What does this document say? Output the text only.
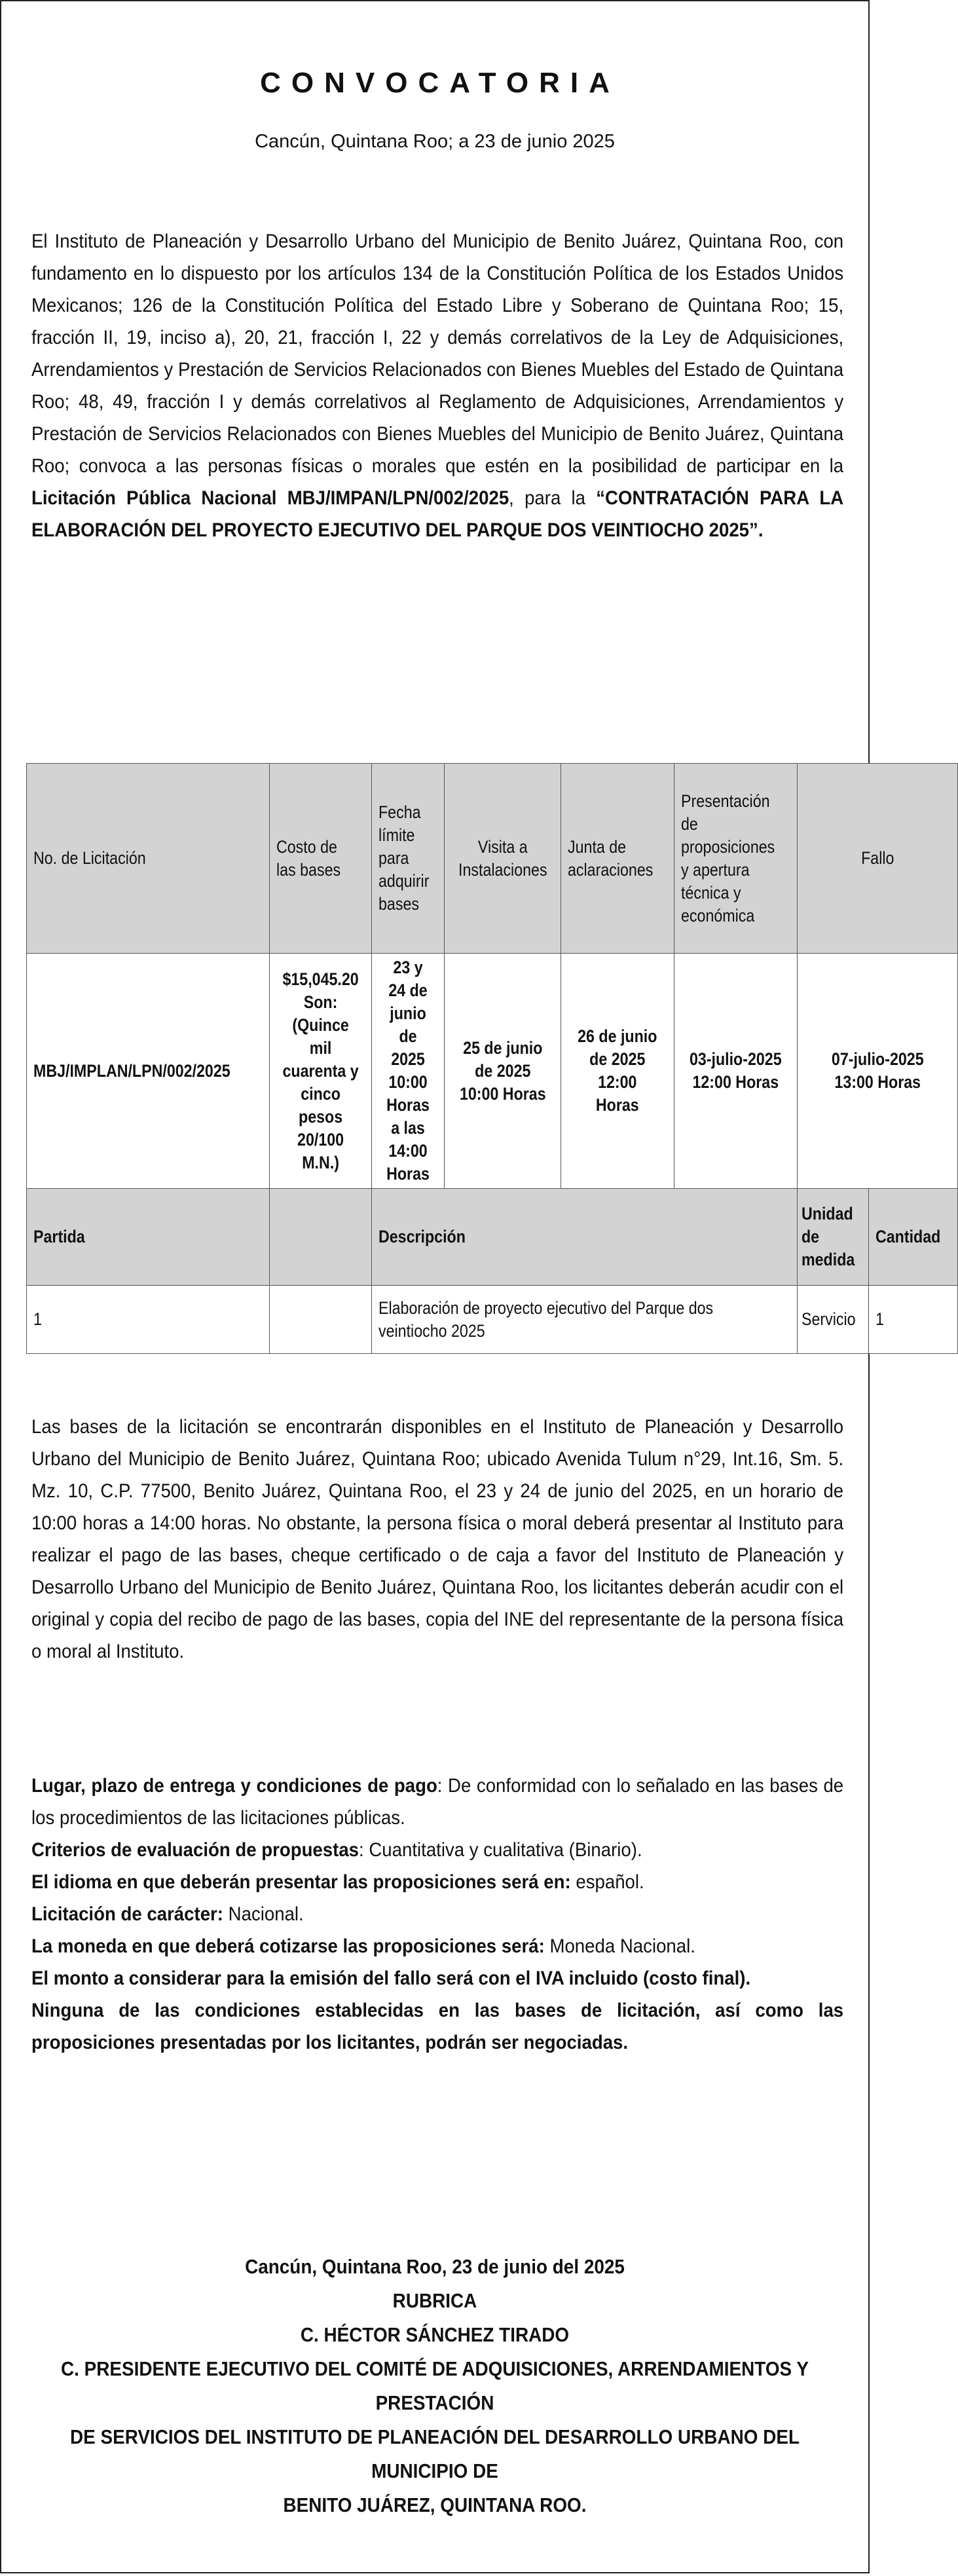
CONVOCATORIA
Cancún, Quintana Roo; a 23 de junio 2025
El Instituto de Planeación y Desarrollo Urbano del Municipio de Benito Juárez, Quintana Roo, con fundamento en lo dispuesto por los artículos 134 de la Constitución Política de los Estados Unidos Mexicanos; 126 de la Constitución Política del Estado Libre y Soberano de Quintana Roo; 15, fracción II, 19, inciso a), 20, 21, fracción I, 22 y demás correlativos de la Ley de Adquisiciones, Arrendamientos y Prestación de Servicios Relacionados con Bienes Muebles del Estado de Quintana Roo; 48, 49, fracción I y demás correlativos al Reglamento de Adquisiciones, Arrendamientos y Prestación de Servicios Relacionados con Bienes Muebles del Municipio de Benito Juárez, Quintana Roo; convoca a las personas físicas o morales que estén en la posibilidad de participar en la Licitación Pública Nacional MBJ/IMPAN/LPN/002/2025, para la “CONTRATACIÓN PARA LA ELABORACIÓN DEL PROYECTO EJECUTIVO DEL PARQUE DOS VEINTIOCHO 2025”.
No. de Licitación	Costo de las bases	Fecha límite para adquirir bases	Visita a Instalaciones	Junta de aclaraciones	Presentación de proposiciones y apertura técnica y económica	Fallo	
MBJ/IMPLAN/LPN/002/2025	$15,045.20 Son: (Quince mil cuarenta y cinco pesos 20/100 M.N.)	23 y 24 de junio de 2025 10:00 Horas a las 14:00 Horas	25 de junio de 2025 10:00 Horas	26 de junio de 2025 12:00 Horas	03-julio-2025 12:00 Horas	07-julio-2025 13:00 Horas	
Partida		Descripción				Unidad de medida	Cantidad
1		Elaboración de proyecto ejecutivo del Parque dos veintiocho 2025				Servicio	1
Las bases de la licitación se encontrarán disponibles en el Instituto de Planeación y Desarrollo Urbano del Municipio de Benito Juárez, Quintana Roo; ubicado Avenida Tulum n°29, Int.16, Sm. 5. Mz. 10, C.P. 77500, Benito Juárez, Quintana Roo, el 23 y 24 de junio del 2025, en un horario de 10:00 horas a 14:00 horas. No obstante, la persona física o moral deberá presentar al Instituto para realizar el pago de las bases, cheque certificado o de caja a favor del Instituto de Planeación y Desarrollo Urbano del Municipio de Benito Juárez, Quintana Roo, los licitantes deberán acudir con el original y copia del recibo de pago de las bases, copia del INE del representante de la persona física o moral al Instituto.
Lugar, plazo de entrega y condiciones de pago: De conformidad con lo señalado en las bases de los procedimientos de las licitaciones públicas.
Criterios de evaluación de propuestas: Cuantitativa y cualitativa (Binario).
El idioma en que deberán presentar las proposiciones será en: español.
Licitación de carácter: Nacional.
La moneda en que deberá cotizarse las proposiciones será: Moneda Nacional.
El monto a considerar para la emisión del fallo será con el IVA incluido (costo final).
Ninguna de las condiciones establecidas en las bases de licitación, así como las proposiciones presentadas por los licitantes, podrán ser negociadas.
Cancún, Quintana Roo, 23 de junio del 2025
RUBRICA
C. HÉCTOR SÁNCHEZ TIRADO
C. PRESIDENTE EJECUTIVO DEL COMITÉ DE ADQUISICIONES, ARRENDAMIENTOS Y PRESTACIÓN
DE SERVICIOS DEL INSTITUTO DE PLANEACIÓN DEL DESARROLLO URBANO DEL MUNICIPIO DE
BENITO JUÁREZ, QUINTANA ROO.
